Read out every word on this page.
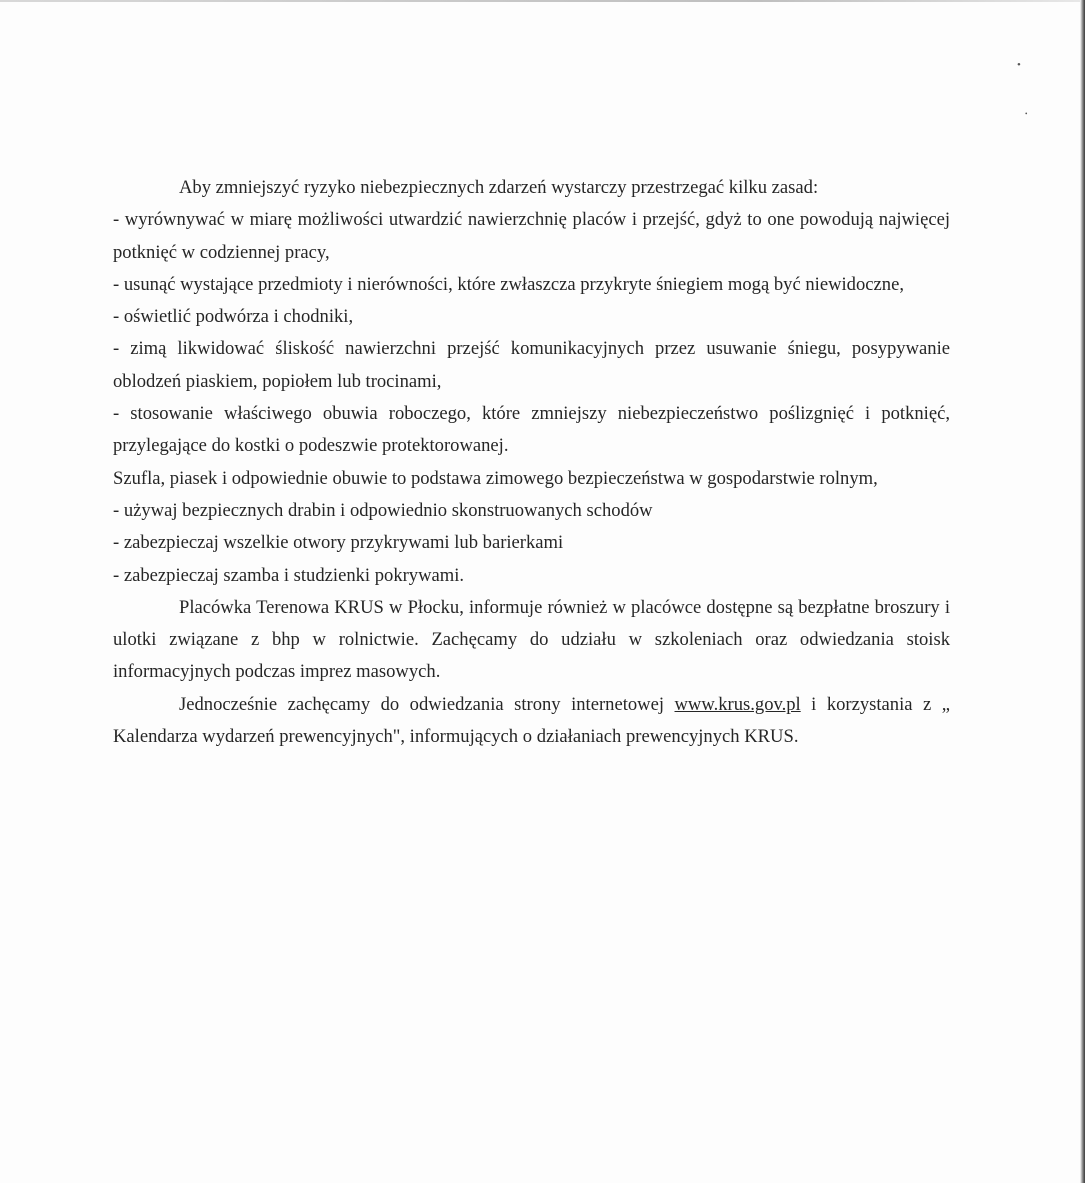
•
•

Aby zmniejszyć ryzyko niebezpiecznych zdarzeń wystarczy przestrzegać kilku zasad:

- wyrównywać w miarę możliwości utwardzić nawierzchnię placów i przejść, gdyż to one powodują najwięcej potknięć w codziennej pracy,

- usunąć wystające przedmioty i nierówności, które zwłaszcza przykryte śniegiem mogą być niewidoczne,

- oświetlić podwórza i chodniki,

- zimą likwidować śliskość nawierzchni przejść komunikacyjnych przez usuwanie śniegu, posypywanie oblodzeń piaskiem, popiołem lub trocinami,

- stosowanie właściwego obuwia roboczego, które zmniejszy niebezpieczeństwo poślizgnięć i potknięć, przylegające do kostki o podeszwie protektorowanej.

Szufla, piasek i odpowiednie obuwie to podstawa zimowego bezpieczeństwa w gospodarstwie rolnym,

- używaj bezpiecznych drabin i odpowiednio skonstruowanych schodów

- zabezpieczaj wszelkie otwory przykrywami lub barierkami

- zabezpieczaj szamba i studzienki pokrywami.

Placówka Terenowa KRUS w Płocku, informuje również w placówce dostępne są bezpłatne broszury i ulotki związane z bhp w rolnictwie. Zachęcamy do udziału w szkoleniach oraz odwiedzania stoisk informacyjnych podczas imprez masowych.

Jednocześnie zachęcamy do odwiedzania strony internetowej www.krus.gov.pl i korzystania z „ Kalendarza wydarzeń prewencyjnych", informujących o działaniach prewencyjnych KRUS.
